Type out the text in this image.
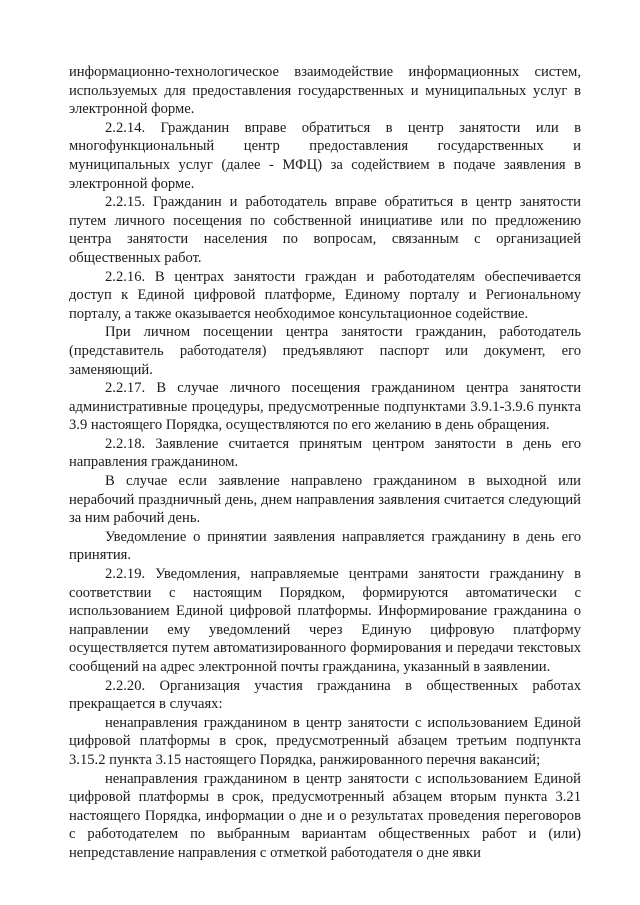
информационно-технологическое взаимодействие информационных систем, используемых для предоставления государственных и муниципальных услуг в электронной форме.

2.2.14. Гражданин вправе обратиться в центр занятости или в многофункциональный центр предоставления государственных и муниципальных услуг (далее - МФЦ) за содействием в подаче заявления в электронной форме.

2.2.15. Гражданин и работодатель вправе обратиться в центр занятости путем личного посещения по собственной инициативе или по предложению центра занятости населения по вопросам, связанным с организацией общественных работ.

2.2.16. В центрах занятости граждан и работодателям обеспечивается доступ к Единой цифровой платформе, Единому порталу и Региональному порталу, а также оказывается необходимое консультационное содействие.

При личном посещении центра занятости гражданин, работодатель (представитель работодателя) предъявляют паспорт или документ, его заменяющий.

2.2.17. В случае личного посещения гражданином центра занятости административные процедуры, предусмотренные подпунктами 3.9.1-3.9.6 пункта 3.9 настоящего Порядка, осуществляются по его желанию в день обращения.

2.2.18. Заявление считается принятым центром занятости в день его направления гражданином.

В случае если заявление направлено гражданином в выходной или нерабочий праздничный день, днем направления заявления считается следующий за ним рабочий день.

Уведомление о принятии заявления направляется гражданину в день его принятия.

2.2.19. Уведомления, направляемые центрами занятости гражданину в соответствии с настоящим Порядком, формируются автоматически с использованием Единой цифровой платформы. Информирование гражданина о направлении ему уведомлений через Единую цифровую платформу осуществляется путем автоматизированного формирования и передачи текстовых сообщений на адрес электронной почты гражданина, указанный в заявлении.

2.2.20. Организация участия гражданина в общественных работах прекращается в случаях:

ненаправления гражданином в центр занятости с использованием Единой цифровой платформы в срок, предусмотренный абзацем третьим подпункта 3.15.2 пункта 3.15 настоящего Порядка, ранжированного перечня вакансий;

ненаправления гражданином в центр занятости с использованием Единой цифровой платформы в срок, предусмотренный абзацем вторым пункта 3.21 настоящего Порядка, информации о дне и о результатах проведения переговоров с работодателем по выбранным вариантам общественных работ и (или) непредставление направления с отметкой работодателя о дне явки
